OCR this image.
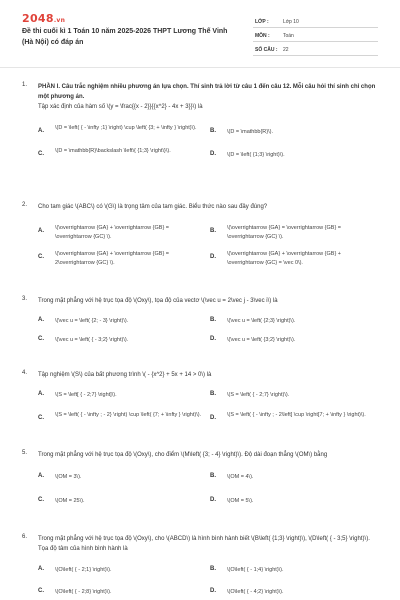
2048.vn
Đề thi cuối kì 1 Toán 10 năm 2025-2026 THPT Lương Thế Vinh (Hà Nội) có đáp án
LỚP :	Lớp 10
MÔN :	Toán
SỐ CÂU : 22
1. PHẦN I. Câu trắc nghiệm nhiều phương án lựa chọn. Thí sinh trả lời từ câu 1 đến câu 12. Mỗi câu hỏi thí sinh chỉ chọn một phương án.
Tập xác định của hàm số \(y = \frac{{x - 2}}{{x^2} - 4x + 3}}\) là
A. \(D = \left( { - \infty ;1} \right) \cup \left( {3; + \infty } \right)\).	B. \(D = \mathbb{R}\).
C. \(D = \mathbb{R}\backslash \left\{ {1;3} \right\}\).	D. \(D = \left( {1;3} \right)\).
2. Cho tam giác \(ABC\) có \(G\) là trọng tâm của tam giác. Biểu thức nào sau đây đúng?
A. \(\overrightarrow {GA} + \overrightarrow {GB} = \overrightarrow {GC} \).
B. \(\overrightarrow {GA} = \overrightarrow {GB} = \overrightarrow {GC} \).
C. \(\overrightarrow {GA} + \overrightarrow {GB} = 2\overrightarrow {GC} \).
D. \(\overrightarrow {GA} + \overrightarrow {GB} + \overrightarrow {GC} = \vec 0\).
3. Trong mặt phẳng với hệ trục tọa độ \(Oxy\), tọa độ của vectơ \(\vec u = 2\vec j - 3\vec i\) là
A. \(\vec u = \left( {2; - 3} \right)\).	B. \(\vec u = \left( {2;3} \right)\).
C. \(\vec u = \left( { - 3;2} \right)\).	D. \(\vec u = \left( {3;2} \right)\).
4. Tập nghiệm \(S\) của bất phương trình \( - {x^2} + 5x + 14 > 0\) là
A. \(S = \left[ { - 2;7} \right]\).	B. \(S = \left( { - 2;7} \right)\).
C. \(S = \left( { - \infty ; - 2} \right) \cup \left( {7; + \infty } \right)\).	D. \(S = \left( { - \infty ; - 2\left] \cup \right[7; + \infty } \right)\).
5. Trong mặt phẳng với hệ trục tọa độ \(Oxy\), cho điểm \(M\left( {3; - 4} \right)\). Độ dài đoạn thẳng \(OM\) bằng
A. \(OM = 3\).	B. \(OM = 4\).
C. \(OM = 25\).	D. \(OM = 5\).
6. Trong mặt phẳng với hệ trục tọa độ \(Oxy\), cho \(ABCD\) là hình bình hành biết \(B\left( {1;3} \right)\), \(D\left( { - 3;5} \right)\). Tọa độ tâm của hình bình hành là
A. \(O\left( { - 2;1} \right)\).	B. \(O\left( { - 1;4} \right)\).
C. \(O\left( { - 2;8} \right)\).	D. \(O\left( { - 4;2} \right)\).
